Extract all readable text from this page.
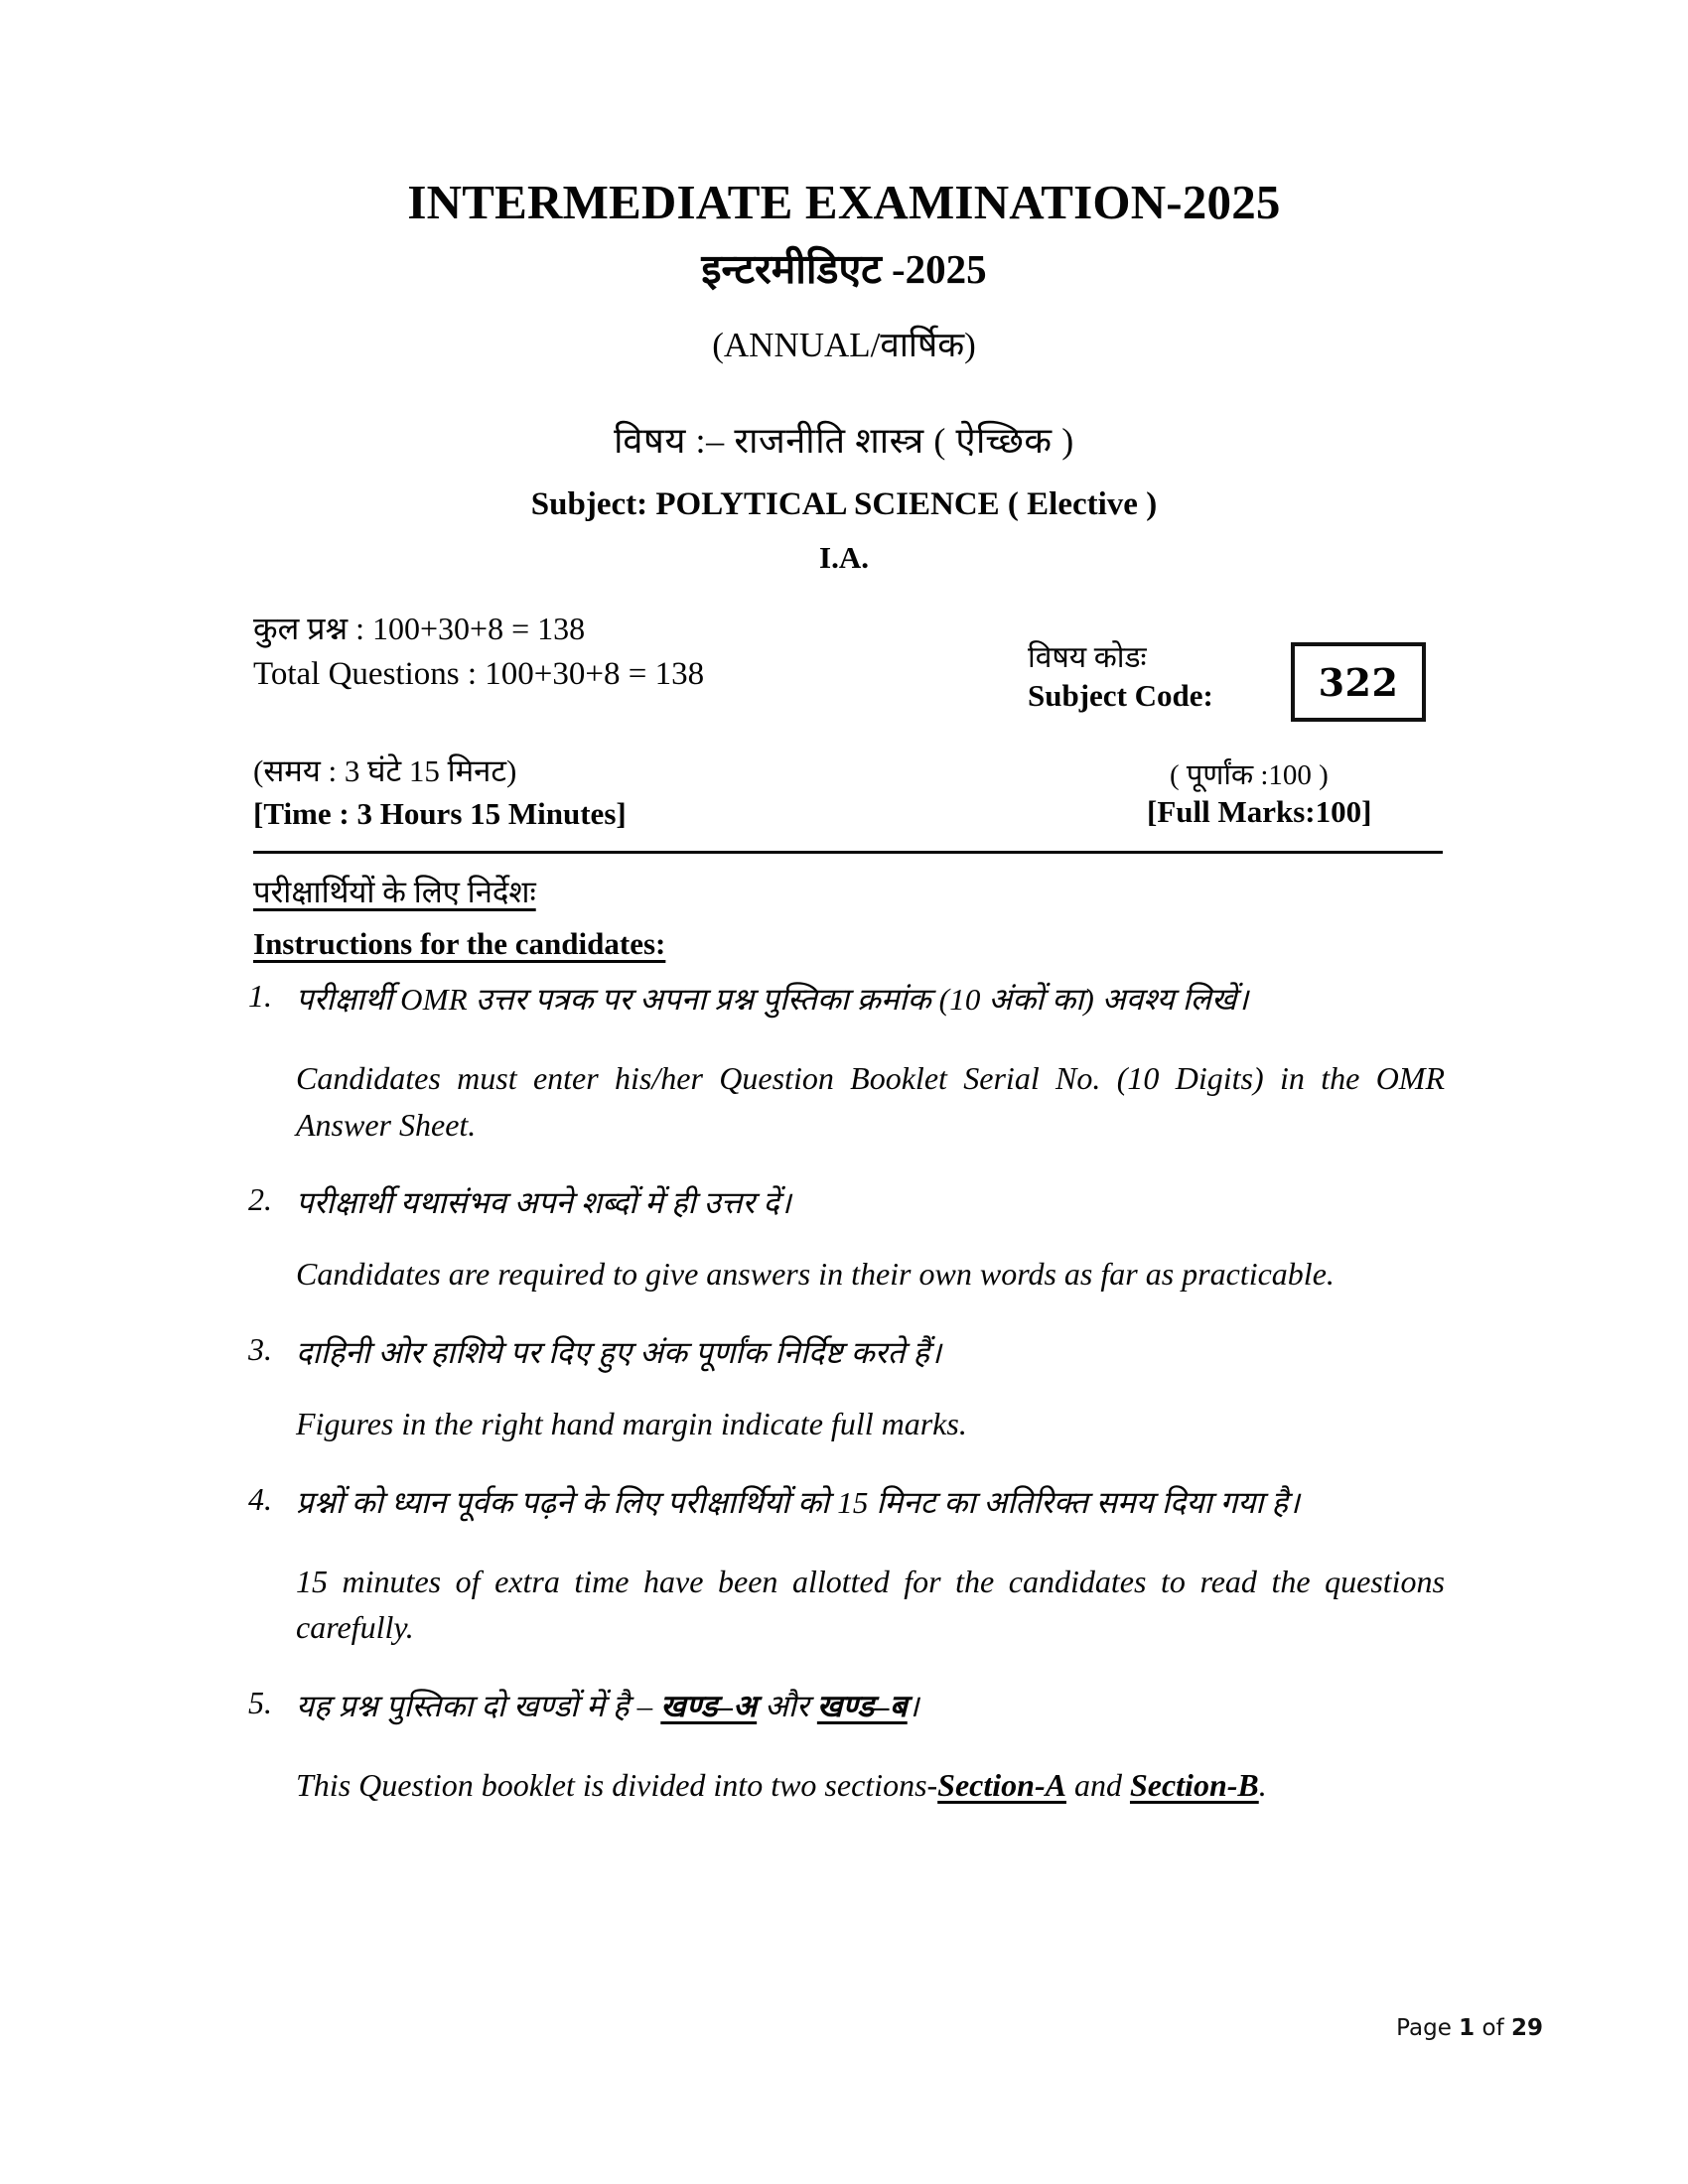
INTERMEDIATE EXAMINATION-2025
इन्टरमीडिएट -2025
(ANNUAL/वार्षिक)
विषय :– राजनीति शास्त्र ( ऐच्छिक )
Subject: POLYTICAL SCIENCE ( Elective )
I.A.
कुल प्रश्न : 100+30+8 = 138
Total Questions : 100+30+8 = 138	विषय कोडः
Subject Code:	322
(समय : 3 घंटे 15 मिनट)
[Time : 3 Hours 15 Minutes]
( पूर्णांक :100 )
[Full Marks:100]
परीक्षार्थियों के लिए निर्देशः
Instructions for the candidates:
1. परीक्षार्थी OMR उत्तर पत्रक पर अपना प्रश्न पुस्तिका क्रमांक (10 अंकों का) अवश्य लिखें।
Candidates must enter his/her Question Booklet Serial No. (10 Digits) in the OMR Answer Sheet.
2. परीक्षार्थी यथासंभव अपने शब्दों में ही उत्तर दें।
Candidates are required to give answers in their own words as far as practicable.
3. दाहिनी ओर हाशिये पर दिए हुए अंक पूर्णांक निर्दिष्ट करते हैं।
Figures in the right hand margin indicate full marks.
4. प्रश्नों को ध्यान पूर्वक पढ़ने के लिए परीक्षार्थियों को 15 मिनट का अतिरिक्त समय दिया गया है।
15 minutes of extra time have been allotted for the candidates to read the questions carefully.
5. यह प्रश्न पुस्तिका दो खण्डों में है – खण्ड–अ और खण्ड–ब।
This Question booklet is divided into two sections-Section-A and Section-B.
Page 1 of 29
